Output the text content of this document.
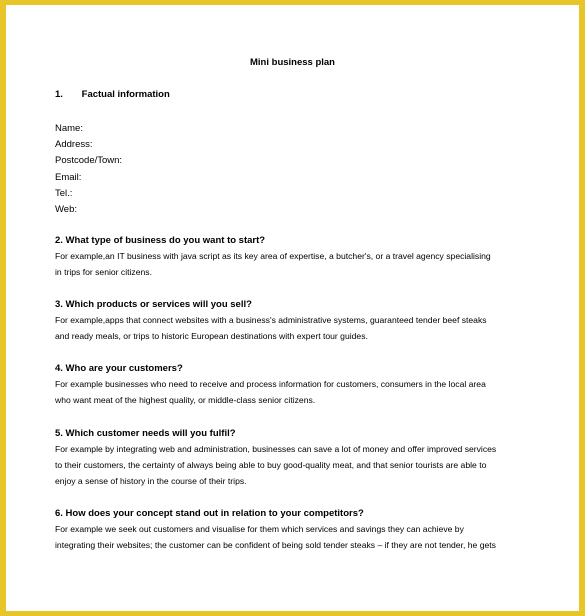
Mini business plan
1. Factual information
Name:
Address:
Postcode/Town:
Email:
Tel.:
Web:
2. What type of business do you want to start?
For example,an IT business with java script as its key area of expertise, a butcher's, or a travel agency specialising
in trips for senior citizens.
3. Which products or services will you sell?
For example,apps that connect websites with a business's administrative systems, guaranteed tender beef steaks
and ready meals, or trips to historic European destinations with expert tour guides.
4. Who are your customers?
For example businesses who need to receive and process information for customers, consumers in the local area
who want meat of the highest quality, or middle-class senior citizens.
5. Which customer needs will you fulfil?
For example by integrating web and administration, businesses can save a lot of money and offer improved services
to their customers, the certainty of always being able to buy good-quality meat, and that senior tourists are able to
enjoy a sense of history in the course of their trips.
6. How does your concept stand out in relation to your competitors?
For example we seek out customers and visualise for them which services and savings they can achieve by
integrating their websites; the customer can be confident of being sold tender steaks – if they are not tender, he gets
